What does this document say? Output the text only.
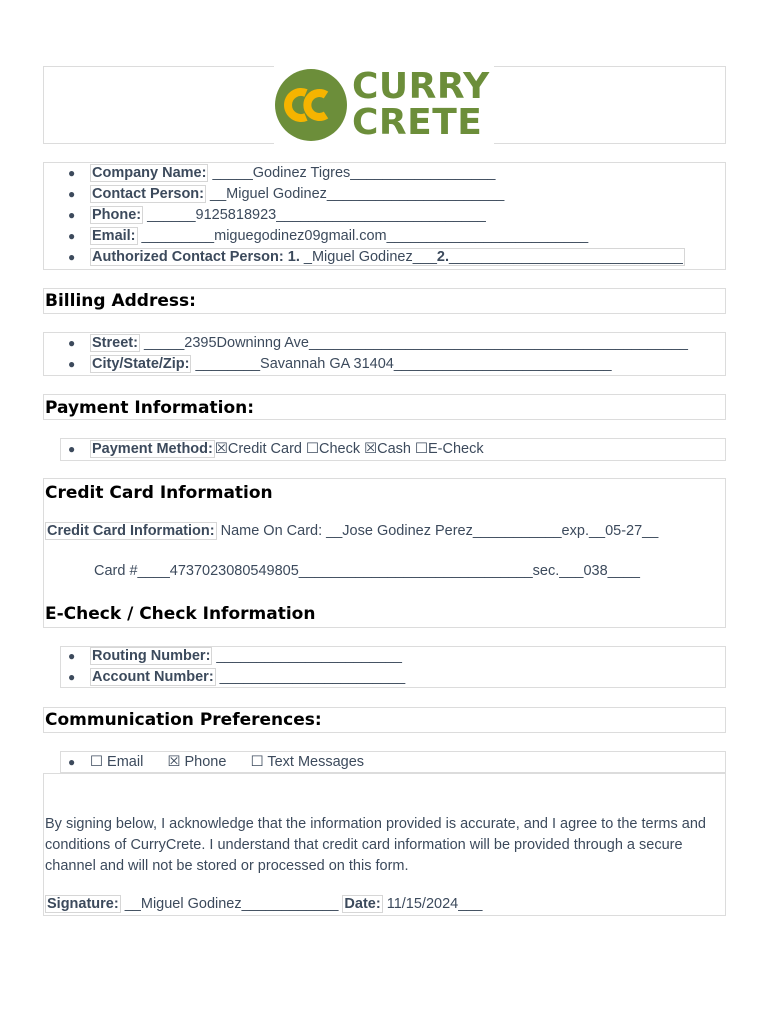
CURRY
CRETE
● Company Name: _____Godinez Tigres__________________
● Contact Person: __Miguel Godinez______________________
● Phone: ______9125818923__________________________
● Email: _________miguegodinez09gmail.com_________________________
● Authorized Contact Person: 1. _Miguel Godinez___2._____________________________
Billing Address:
● Street: _____2395Downinng Ave_______________________________________________
● City/State/Zip: ________Savannah GA 31404___________________________
Payment Information:
● Payment Method: ☒Credit Card ☐Check ☒Cash ☐E-Check
Credit Card Information
Credit Card Information: Name On Card: __Jose Godinez Perez___________exp.__05-27__
Card #____4737023080549805_____________________________sec.___038____
E-Check / Check Information
● Routing Number: _______________________
● Account Number: _______________________
Communication Preferences:
● ☐ Email      ☒ Phone      ☐ Text Messages
By signing below, I acknowledge that the information provided is accurate, and I agree to the terms and conditions of CurryCrete. I understand that credit card information will be provided through a secure channel and will not be stored or processed on this form.
Signature: __Miguel Godinez____________ Date: 11/15/2024___
